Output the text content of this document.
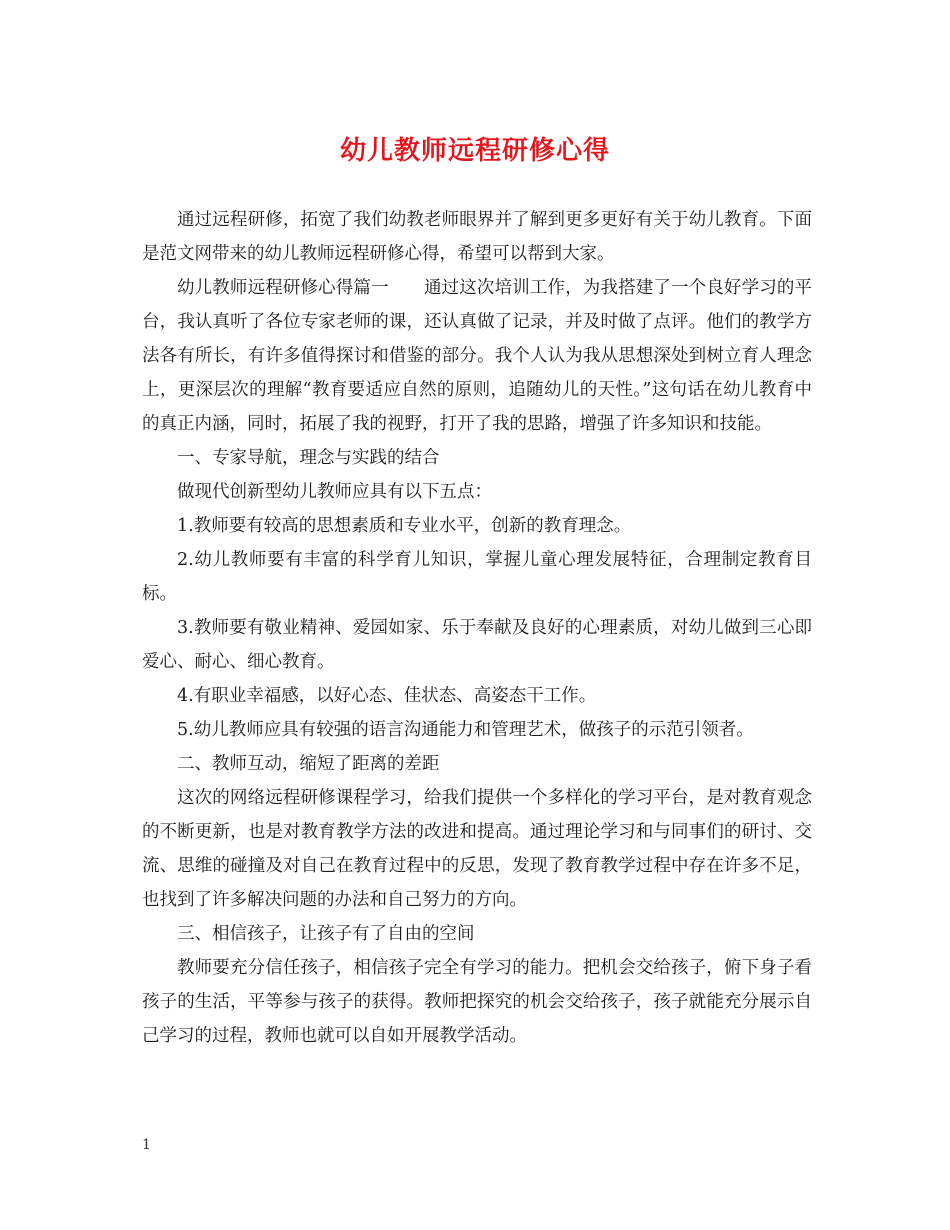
幼儿教师远程研修心得

通过远程研修，拓宽了我们幼教老师眼界并了解到更多更好有关于幼儿教育。下面是范文网带来的幼儿教师远程研修心得，希望可以帮到大家。

幼儿教师远程研修心得篇一　　通过这次培训工作，为我搭建了一个良好学习的平台，我认真听了各位专家老师的课，还认真做了记录，并及时做了点评。他们的教学方法各有所长，有许多值得探讨和借鉴的部分。我个人认为我从思想深处到树立育人理念上，更深层次的理解“教育要适应自然的原则，追随幼儿的天性。”这句话在幼儿教育中的真正内涵，同时，拓展了我的视野，打开了我的思路，增强了许多知识和技能。

一、专家导航，理念与实践的结合

做现代创新型幼儿教师应具有以下五点：

1.教师要有较高的思想素质和专业水平，创新的教育理念。

2.幼儿教师要有丰富的科学育儿知识，掌握儿童心理发展特征，合理制定教育目标。

3.教师要有敬业精神、爱园如家、乐于奉献及良好的心理素质，对幼儿做到三心即爱心、耐心、细心教育。

4.有职业幸福感，以好心态、佳状态、高姿态干工作。

5.幼儿教师应具有较强的语言沟通能力和管理艺术，做孩子的示范引领者。

二、教师互动，缩短了距离的差距

这次的网络远程研修课程学习，给我们提供一个多样化的学习平台，是对教育观念的不断更新，也是对教育教学方法的改进和提高。通过理论学习和与同事们的研讨、交流、思维的碰撞及对自己在教育过程中的反思，发现了教育教学过程中存在许多不足，也找到了许多解决问题的办法和自己努力的方向。

三、相信孩子，让孩子有了自由的空间

教师要充分信任孩子，相信孩子完全有学习的能力。把机会交给孩子，俯下身子看孩子的生活，平等参与孩子的获得。教师把探究的机会交给孩子，孩子就能充分展示自己学习的过程，教师也就可以自如开展教学活动。

1
